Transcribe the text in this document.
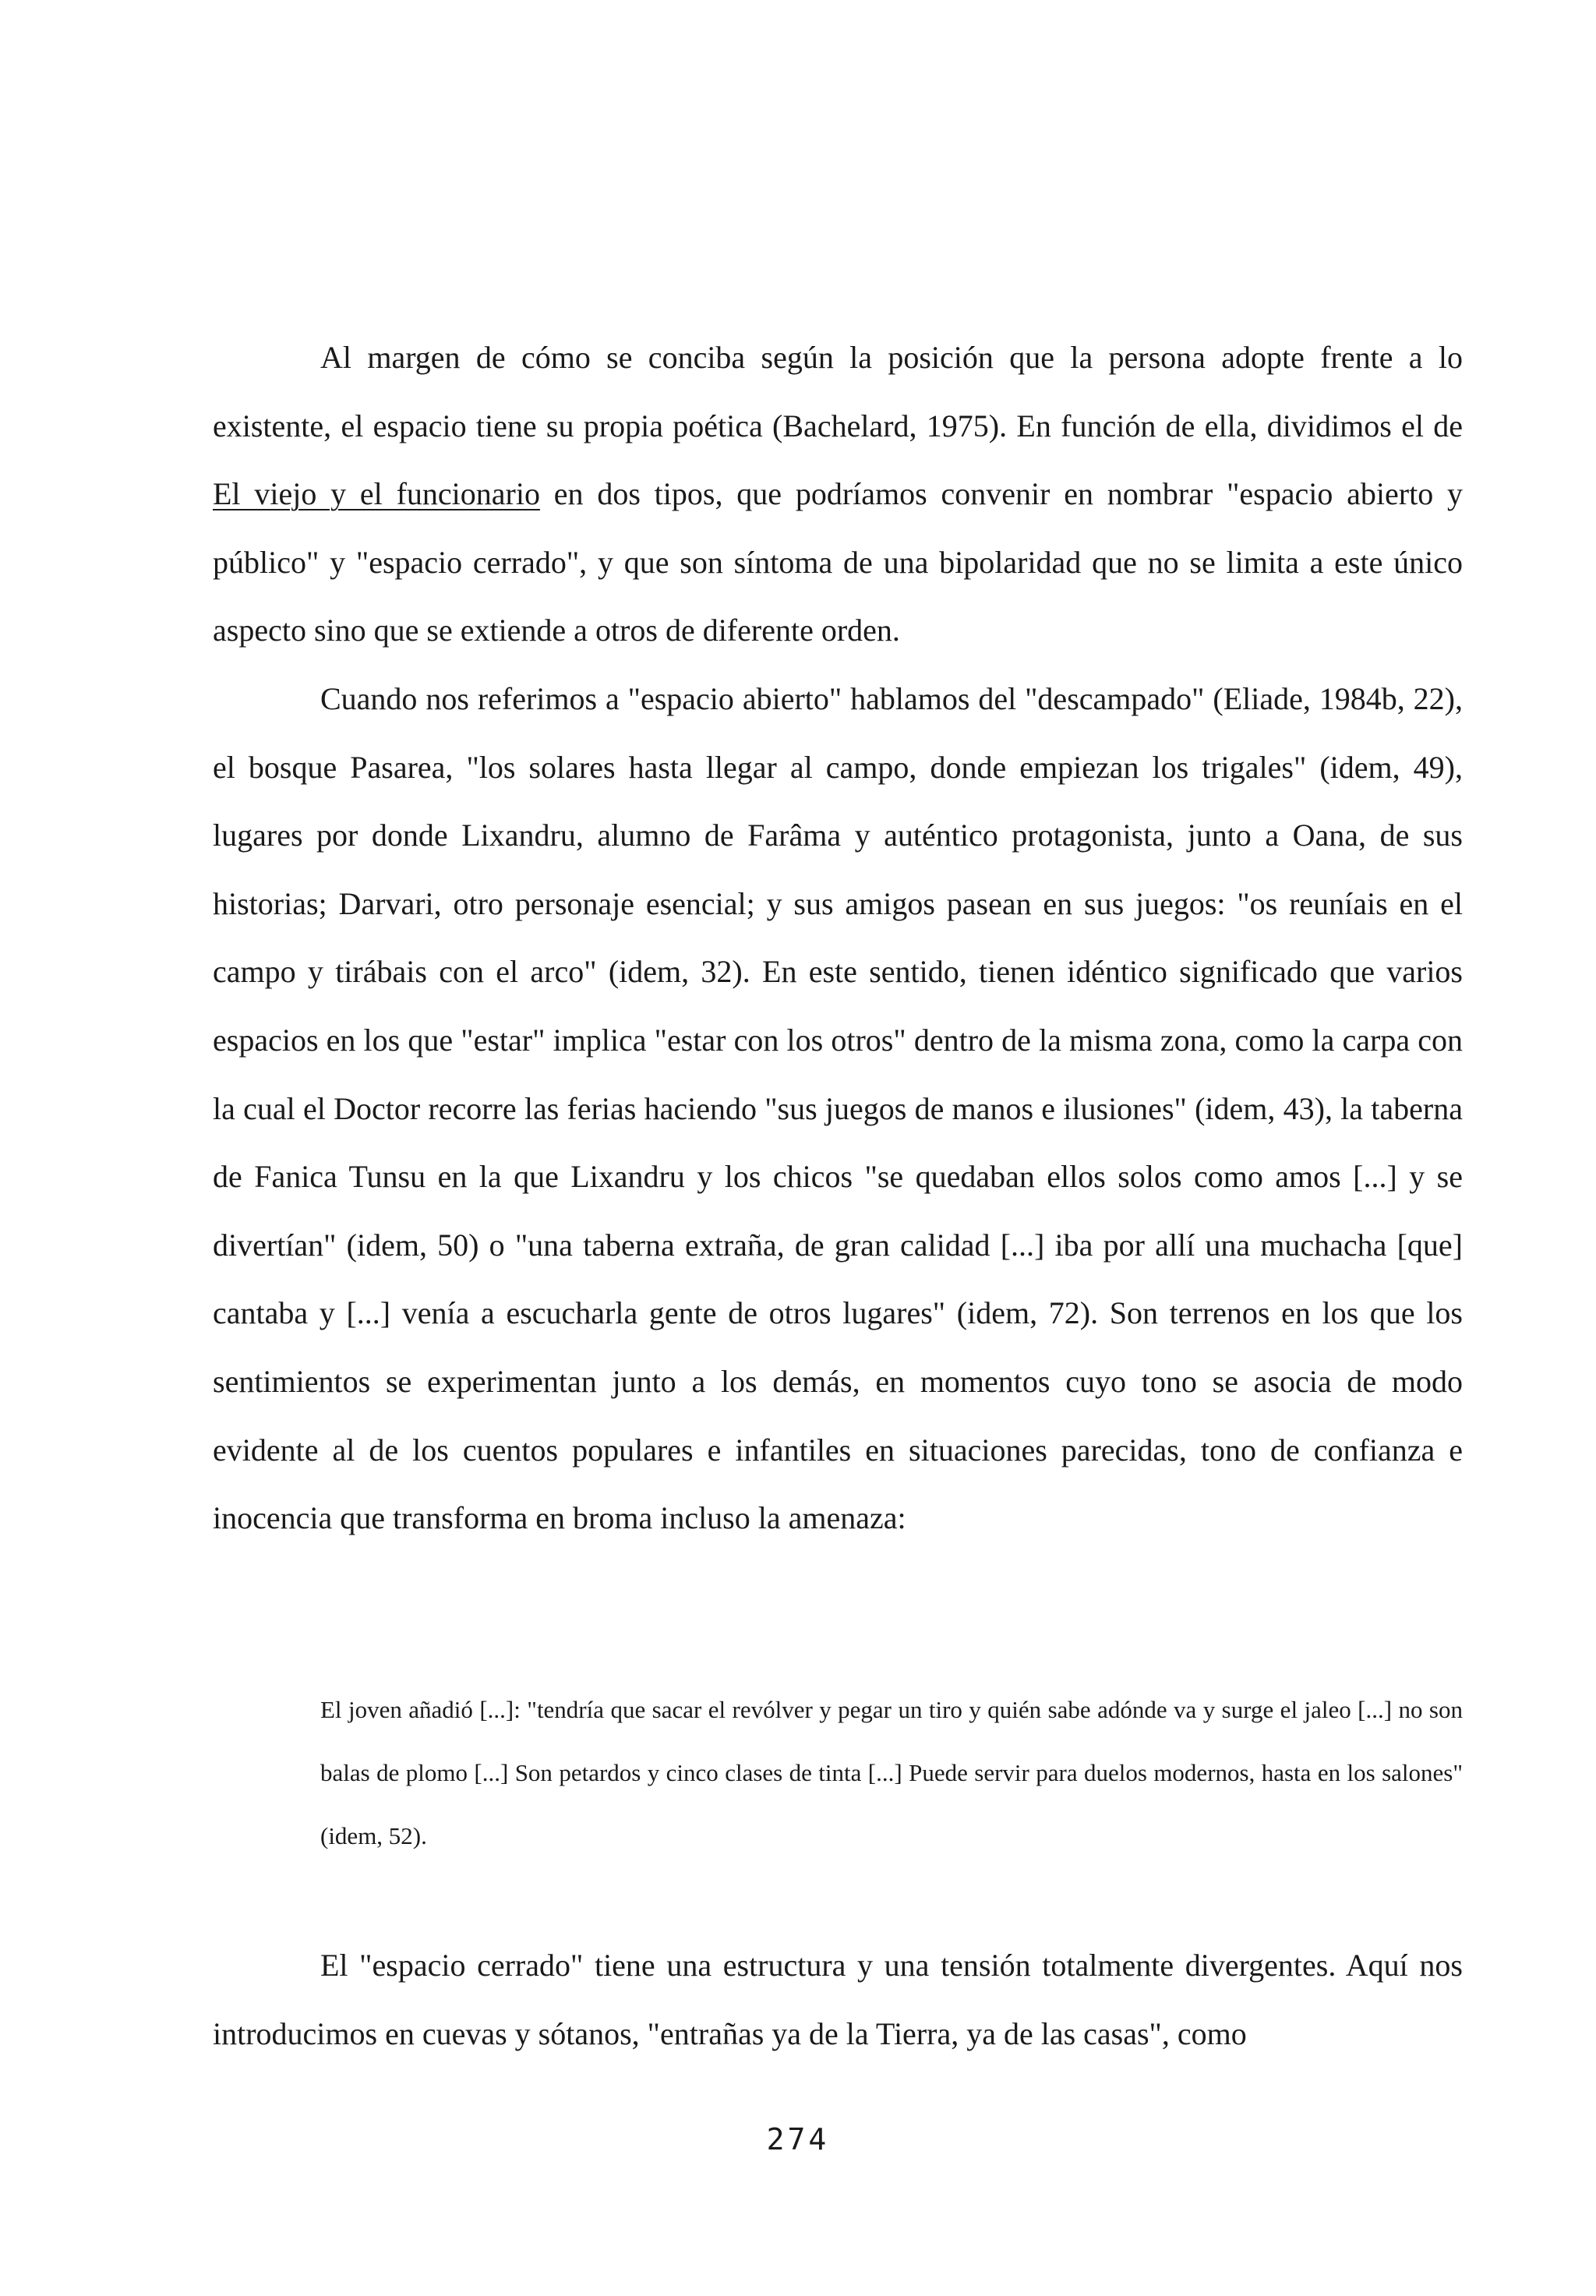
Al margen de cómo se conciba según la posición que la persona adopte frente a lo existente, el espacio tiene su propia poética (Bachelard, 1975). En función de ella, dividimos el de El viejo y el funcionario en dos tipos, que podríamos convenir en nombrar "espacio abierto y público" y "espacio cerrado", y que son síntoma de una bipolaridad que no se limita a este único aspecto sino que se extiende a otros de diferente orden.

Cuando nos referimos a "espacio abierto" hablamos del "descampado" (Eliade, 1984b, 22), el bosque Pasarea, "los solares hasta llegar al campo, donde empiezan los trigales" (idem, 49), lugares por donde Lixandru, alumno de Farâma y auténtico protagonista, junto a Oana, de sus historias; Darvari, otro personaje esencial; y sus amigos pasean en sus juegos: "os reuníais en el campo y tirábais con el arco" (idem, 32). En este sentido, tienen idéntico significado que varios espacios en los que "estar" implica "estar con los otros" dentro de la misma zona, como la carpa con la cual el Doctor recorre las ferias haciendo "sus juegos de manos e ilusiones" (idem, 43), la taberna de Fanica Tunsu en la que Lixandru y los chicos "se quedaban ellos solos como amos [...] y se divertían" (idem, 50) o "una taberna extraña, de gran calidad [...] iba por allí una muchacha [que] cantaba y [...] venía a escucharla gente de otros lugares" (idem, 72). Son terrenos en los que los sentimientos se experimentan junto a los demás, en momentos cuyo tono se asocia de modo evidente al de los cuentos populares e infantiles en situaciones parecidas, tono de confianza e inocencia que transforma en broma incluso la amenaza:

El joven añadió [...]: "tendría que sacar el revólver y pegar un tiro y quién sabe adónde va y surge el jaleo [...] no son balas de plomo [...] Son petardos y cinco clases de tinta [...] Puede servir para duelos modernos, hasta en los salones" (idem, 52).

El "espacio cerrado" tiene una estructura y una tensión totalmente divergentes. Aquí nos introducimos en cuevas y sótanos, "entrañas ya de la Tierra, ya de las casas", como

274
